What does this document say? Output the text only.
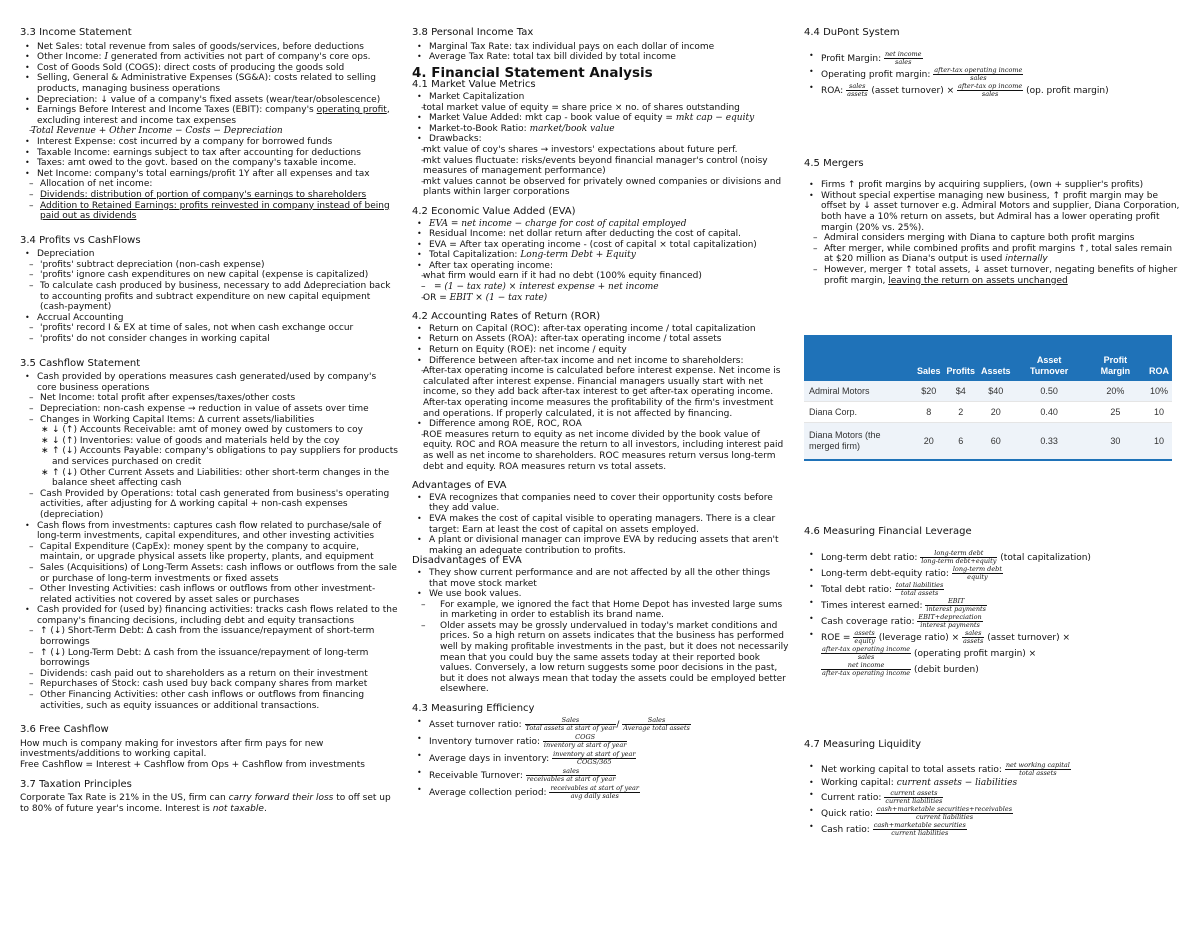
3.3 Income Statement
• Net Sales: total revenue from sales of goods/services, before deductions
• Other Income: I generated from activities not part of company's core ops.
• Cost of Goods Sold (COGS): direct costs of producing the goods sold
• Selling, General & Administrative Expenses (SG&A): costs related to selling products, managing business operations
• Depreciation: ↓ value of a company's fixed assets (wear/tear/obsolescence)
• Earnings Before Interest and Income Taxes (EBIT): company's operating profit, excluding interest and income tax expenses
– Total Revenue + Other Income − Costs − Depreciation
• Interest Expense: cost incurred by a company for borrowed funds
• Taxable Income: earnings subject to tax after accounting for deductions
• Taxes: amt owed to the govt. based on the company's taxable income.
• Net Income: company's total earnings/profit 1Y after all expenses and tax
– Allocation of net income:
– Dividends: distribution of portion of company's earnings to shareholders
– Addition to Retained Earnings: profits reinvested in company instead of being paid out as dividends
3.4 Profits vs CashFlows
• Depreciation
– 'profits' subtract depreciation (non-cash expense)
– 'profits' ignore cash expenditures on new capital (expense is capitalized)
– To calculate cash produced by business, necessary to add Δdepreciation back to accounting profits and subtract expenditure on new capital equipment (cash-payment)
• Accrual Accounting
– 'profits' record I & EX at time of sales, not when cash exchange occur
– 'profits' do not consider changes in working capital
3.5 Cashflow Statement
• Cash provided by operations measures cash generated/used by company's core business operations
– Net Income: total profit after expenses/taxes/other costs
– Depreciation: non-cash expense → reduction in value of assets over time
– Changes in Working Capital Items: Δ current assets/liabilities
∗ ↓ (↑) Accounts Receivable: amt of money owed by customers to coy
∗ ↓ (↑) Inventories: value of goods and materials held by the coy
∗ ↑ (↓) Accounts Payable: company's obligations to pay suppliers for products and services purchased on credit
∗ ↑ (↓) Other Current Assets and Liabilities: other short-term changes in the balance sheet affecting cash
– Cash Provided by Operations: total cash generated from business's operating activities, after adjusting for Δ working capital + non-cash expenses (depreciation)
• Cash flows from investments: captures cash flow related to purchase/sale of long-term investments, capital expenditures, and other investing activities
– Capital Expenditure (CapEx): money spent by the company to acquire, maintain, or upgrade physical assets like property, plants, and equipment
– Sales (Acquisitions) of Long-Term Assets: cash inflows or outflows from the sale or purchase of long-term investments or fixed assets
– Other Investing Activities: cash inflows or outflows from other investment-related activities not covered by asset sales or purchases
• Cash provided for (used by) financing activities: tracks cash flows related to the company's financing decisions, including debt and equity transactions
– ↑ (↓) Short-Term Debt: Δ cash from the issuance/repayment of short-term borrowings
– ↑ (↓) Long-Term Debt: Δ cash from the issuance/repayment of long-term borrowings
– Dividends: cash paid out to shareholders as a return on their investment
– Repurchases of Stock: cash used buy back company shares from market
– Other Financing Activities: other cash inflows or outflows from financing activities, such as equity issuances or additional transactions.
3.6 Free Cashflow

How much is company making for investors after firm pays for new investments/additions to working capital.

Free Cashflow = Interest + Cashflow from Ops + Cashflow from investments

3.7 Taxation Principles

Corporate Tax Rate is 21% in the US, firm can carry forward their loss to off set up to 80% of future year's income. Interest is not taxable.

3.8 Personal Income Tax
• Marginal Tax Rate: tax individual pays on each dollar of income
• Average Tax Rate: total tax bill divided by total income
4. Financial Statement Analysis
4.1 Market Value Metrics
• Market Capitalization
– total market value of equity = share price × no. of shares outstanding
• Market Value Added: mkt cap - book value of equity = mkt cap − equity
• Market-to-Book Ratio: market/book value
• Drawbacks:
– mkt value of coy's shares → investors' expectations about future perf.
– mkt values fluctuate: risks/events beyond financial manager's control (noisy measures of management performance)
– mkt values cannot be observed for privately owned companies or divisions and plants within larger corporations
4.2 Economic Value Added (EVA)
• EVA = net income − charge for cost of capital employed
• Residual Income: net dollar return after deducting the cost of capital.
• EVA = After tax operating income - (cost of capital × total capitalization)
• Total Capitalization: Long-term Debt + Equity
• After tax operating income:
– what firm would earn if it had no debt (100% equity financed)
– = (1 − tax rate) × interest expense + net income
– OR = EBIT × (1 − tax rate)
4.2 Accounting Rates of Return (ROR)
• Return on Capital (ROC): after-tax operating income / total capitalization
• Return on Assets (ROA): after-tax operating income / total assets
• Return on Equity (ROE): net income / equity
• Difference between after-tax income and net income to shareholders:
– After-tax operating income is calculated before interest expense. Net income is calculated after interest expense. Financial managers usually start with net income, so they add back after-tax interest to get after-tax operating income. After-tax operating income measures the profitability of the firm's investment and operations. If properly calculated, it is not affected by financing.
• Difference among ROE, ROC, ROA
– ROE measures return to equity as net income divided by the book value of equity. ROC and ROA measure the return to all investors, including interest paid as well as net income to shareholders. ROC measures return versus long-term debt and equity. ROA measures return vs total assets.
Advantages of EVA
• EVA recognizes that companies need to cover their opportunity costs before they add value.
• EVA makes the cost of capital visible to operating managers. There is a clear target: Earn at least the cost of capital on assets employed.
• A plant or divisional manager can improve EVA by reducing assets that aren't making an adequate contribution to profits.
Disadvantages of EVA
• They show current performance and are not affected by all the other things that move stock market
• We use book values.
– For example, we ignored the fact that Home Depot has invested large sums in marketing in order to establish its brand name.
– Older assets may be grossly undervalued in today's market conditions and prices. So a high return on assets indicates that the business has performed well by making profitable investments in the past, but it does not necessarily mean that you could buy the same assets today at their reported book values. Conversely, a low return suggests some poor decisions in the past, but it does not always mean that today the assets could be employed better elsewhere.
4.3 Measuring Efficiency
• Asset turnover ratio: $\frac{\text{Sales}}{\text{Total assets at start of year}} / \frac{\text{Sales}}{\text{Average total assets}}$
• Inventory turnover ratio: $\frac{\text{COGS}}{\text{inventory at start of year}}$
• Average days in inventory: $\frac{\text{inventory at start of year}}{\text{COGS/365}}$
• Receivable Turnover: $\frac{\text{sales}}{\text{receivables at start of year}}$
• Average collection period: $\frac{\text{receivables at start of year}}{\text{avg daily sales}}$
4.4 DuPont System
• Profit Margin: $\frac{\text{net income}}{\text{sales}}$
• Operating profit margin: $\frac{\text{after-tax operating income}}{\text{sales}}$
• ROA: $\frac{\text{sales}}{\text{assets}}$ (asset turnover) × $\frac{\text{after-tax op income}}{\text{sales}} (op$. profit margin)
4.5 Mergers
• Firms ↑ profit margins by acquiring suppliers, (own + supplier's profits)
• Without special expertise managing new business, ↑ profit margin may be offset by ↓ asset turnover e.g. Admiral Motors and supplier, Diana Corporation, both have a 10% return on assets, but Admiral has a lower operating profit margin (20% vs. 25%).
– Admiral considers merging with Diana to capture both profit margins
– After merger, while combined profits and profit margins ↑, total sales remain at $20 million as Diana's output is used internally
– However, merger ↑ total assets, ↓ asset turnover, negating benefits of higher profit margin, leaving the return on assets unchanged
	Sales	Profits	Assets	Asset Turnover	Profit Margin	ROA
Admiral Motors	$20	$4	$40	0.50	20%	10%
Diana Corp.	8	2	20	0.40	25	10
Diana Motors (the merged firm)	20	6	60	0.33	30	10
4.6 Measuring Financial Leverage
• Long-term debt ratio: $\frac{\text{long-term debt}}{\text{long-term debt+equity}}$ (total capitalization)
• Long-term debt-equity ratio: $\frac{\text{long-term debt}}{\text{equity}}$
• Total debt ratio: $\frac{\text{total liabilities}}{\text{total assets}}$
• Times interest earned: $\frac{\text{EBIT}}{\text{interest payments}}$
• Cash coverage ratio: $\frac{\text{EBIT+depreciation}}{\text{interest payments}}$
• ROE = $\frac{\text{assets}}{\text{equity}}$ (leverage ratio) × $\frac{\text{sales}}{\text{assets}}$ (asset turnover) ×
$\frac{\text{after-tax operating income}}{\text{sales}}$ (operating profit margin) ×
$\frac{\text{net income}}{\text{after-tax operating income}}$ (debit burden)
4.7 Measuring Liquidity
• Net working capital to total assets ratio: $\frac{\text{net working capital}}{\text{total assets}}$
• Working capital: current assets − liabilities
• Current ratio: $\frac{\text{current assets}}{\text{current liabilities}}$
• Quick ratio: $\frac{\text{cash+marketable securities+receivables}}{\text{current liabilities}}$
• Cash ratio: $\frac{\text{cash+marketable securities}}{\text{current liabilities}}$
